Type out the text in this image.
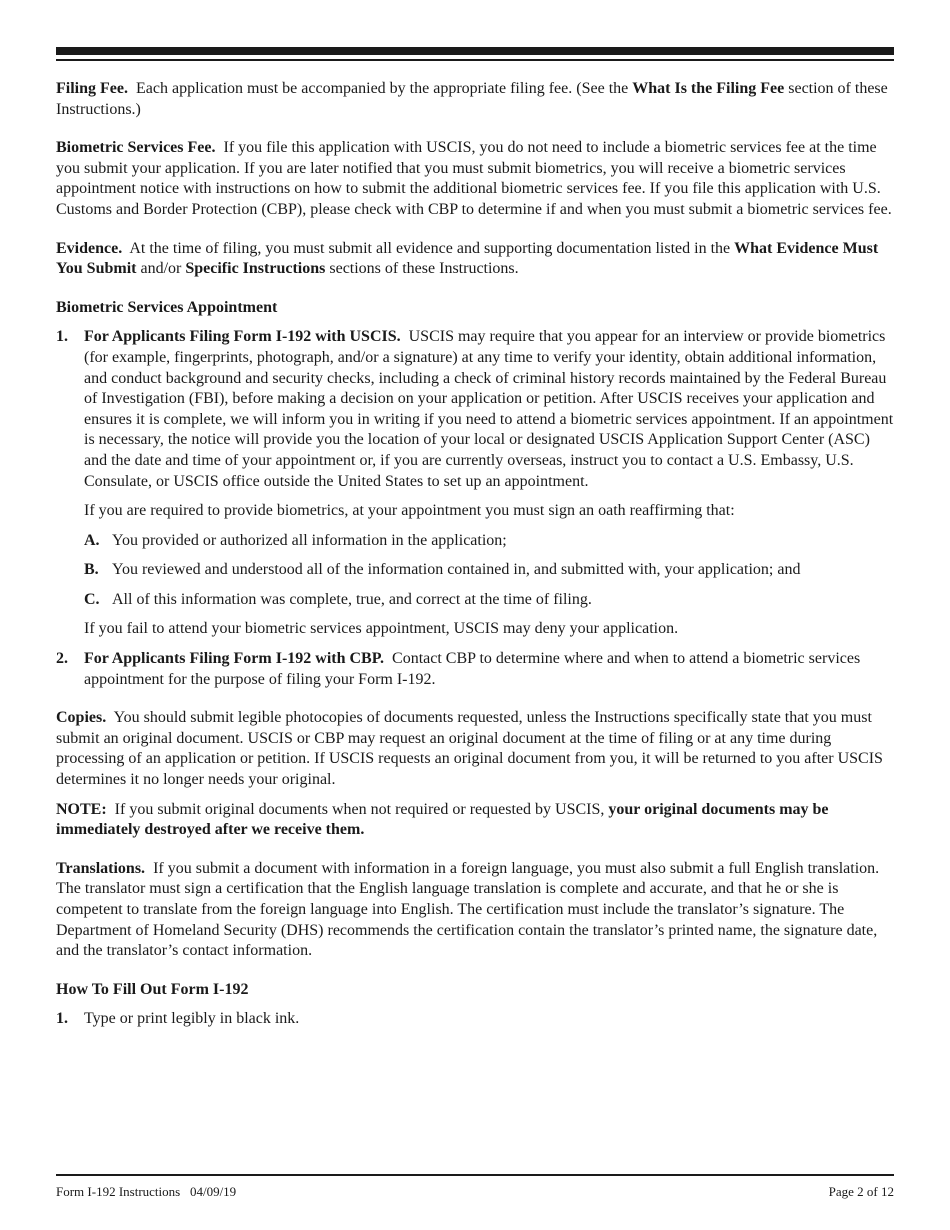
Filing Fee. Each application must be accompanied by the appropriate filing fee. (See the What Is the Filing Fee section of these Instructions.)

Biometric Services Fee. If you file this application with USCIS, you do not need to include a biometric services fee at the time you submit your application. If you are later notified that you must submit biometrics, you will receive a biometric services appointment notice with instructions on how to submit the additional biometric services fee. If you file this application with U.S. Customs and Border Protection (CBP), please check with CBP to determine if and when you must submit a biometric services fee.

Evidence. At the time of filing, you must submit all evidence and supporting documentation listed in the What Evidence Must You Submit and/or Specific Instructions sections of these Instructions.

Biometric Services Appointment

1.	For Applicants Filing Form I-192 with USCIS. USCIS may require that you appear for an interview or provide biometrics (for example, fingerprints, photograph, and/or a signature) at any time to verify your identity, obtain additional information, and conduct background and security checks, including a check of criminal history records maintained by the Federal Bureau of Investigation (FBI), before making a decision on your application or petition. After USCIS receives your application and ensures it is complete, we will inform you in writing if you need to attend a biometric services appointment. If an appointment is necessary, the notice will provide you the location of your local or designated USCIS Application Support Center (ASC) and the date and time of your appointment or, if you are currently overseas, instruct you to contact a U.S. Embassy, U.S. Consulate, or USCIS office outside the United States to set up an appointment.

If you are required to provide biometrics, at your appointment you must sign an oath reaffirming that:

A. You provided or authorized all information in the application;
B. You reviewed and understood all of the information contained in, and submitted with, your application; and
C. All of this information was complete, true, and correct at the time of filing.

If you fail to attend your biometric services appointment, USCIS may deny your application.

2.	For Applicants Filing Form I-192 with CBP. Contact CBP to determine where and when to attend a biometric services appointment for the purpose of filing your Form I-192.

Copies. You should submit legible photocopies of documents requested, unless the Instructions specifically state that you must submit an original document. USCIS or CBP may request an original document at the time of filing or at any time during processing of an application or petition. If USCIS requests an original document from you, it will be returned to you after USCIS determines it no longer needs your original.

NOTE: If you submit original documents when not required or requested by USCIS, your original documents may be immediately destroyed after we receive them.

Translations. If you submit a document with information in a foreign language, you must also submit a full English translation. The translator must sign a certification that the English language translation is complete and accurate, and that he or she is competent to translate from the foreign language into English. The certification must include the translator’s signature. The Department of Homeland Security (DHS) recommends the certification contain the translator’s printed name, the signature date, and the translator’s contact information.

How To Fill Out Form I-192

1.	Type or print legibly in black ink.
Form I-192 Instructions   04/09/19	Page 2 of 12
